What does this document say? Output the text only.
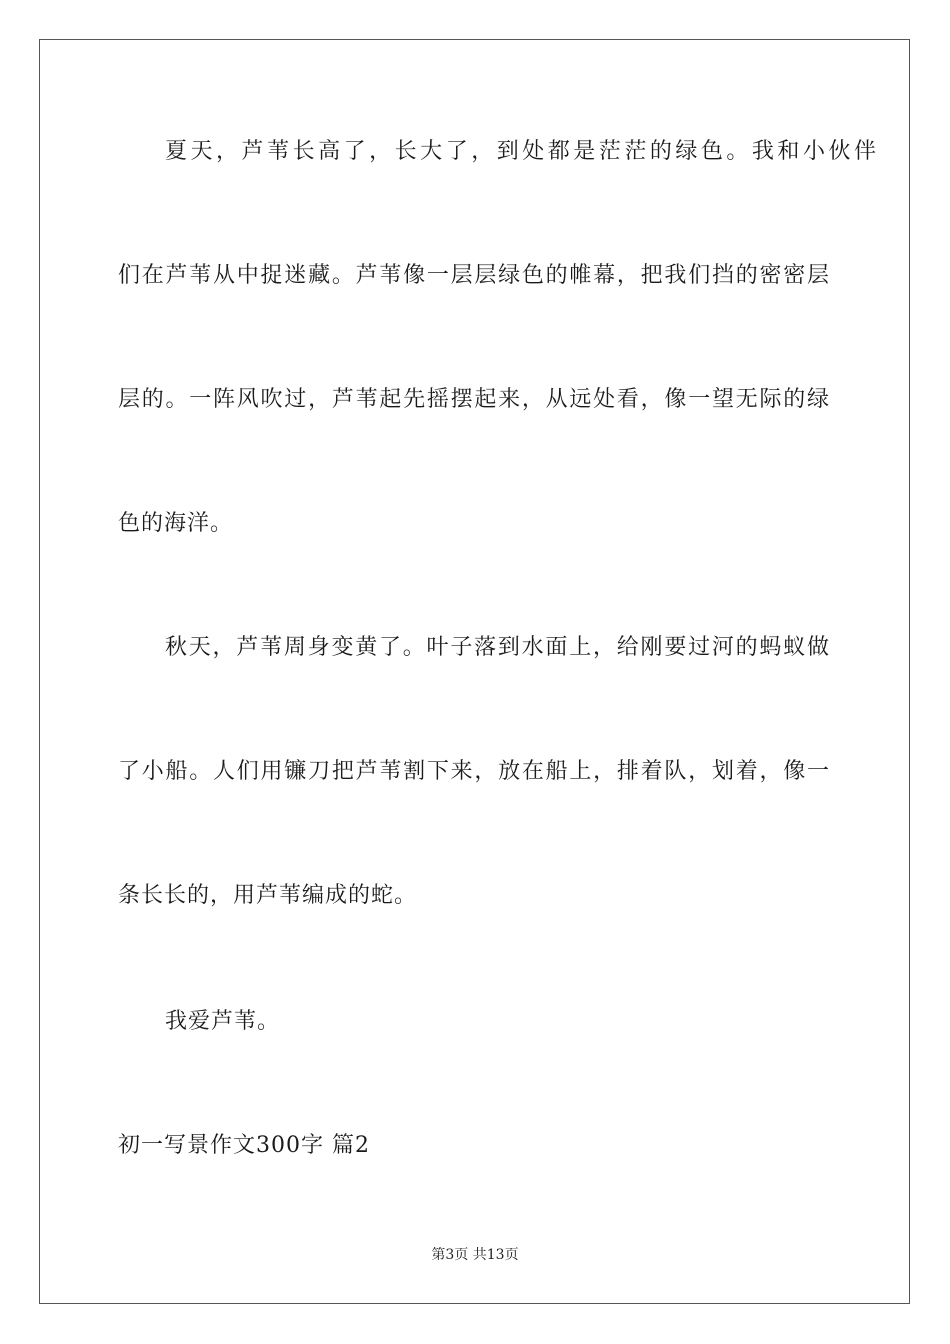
夏天，芦苇长高了，长大了，到处都是茫茫的绿色。我和小伙伴
们在芦苇从中捉迷藏。芦苇像一层层绿色的帷幕，把我们挡的密密层
层的。一阵风吹过，芦苇起先摇摆起来，从远处看，像一望无际的绿
色的海洋。
秋天，芦苇周身变黄了。叶子落到水面上，给刚要过河的蚂蚁做
了小船。人们用镰刀把芦苇割下来，放在船上，排着队，划着，像一
条长长的，用芦苇编成的蛇。
我爱芦苇。
初一写景作文300字 篇2
第3页 共13页
